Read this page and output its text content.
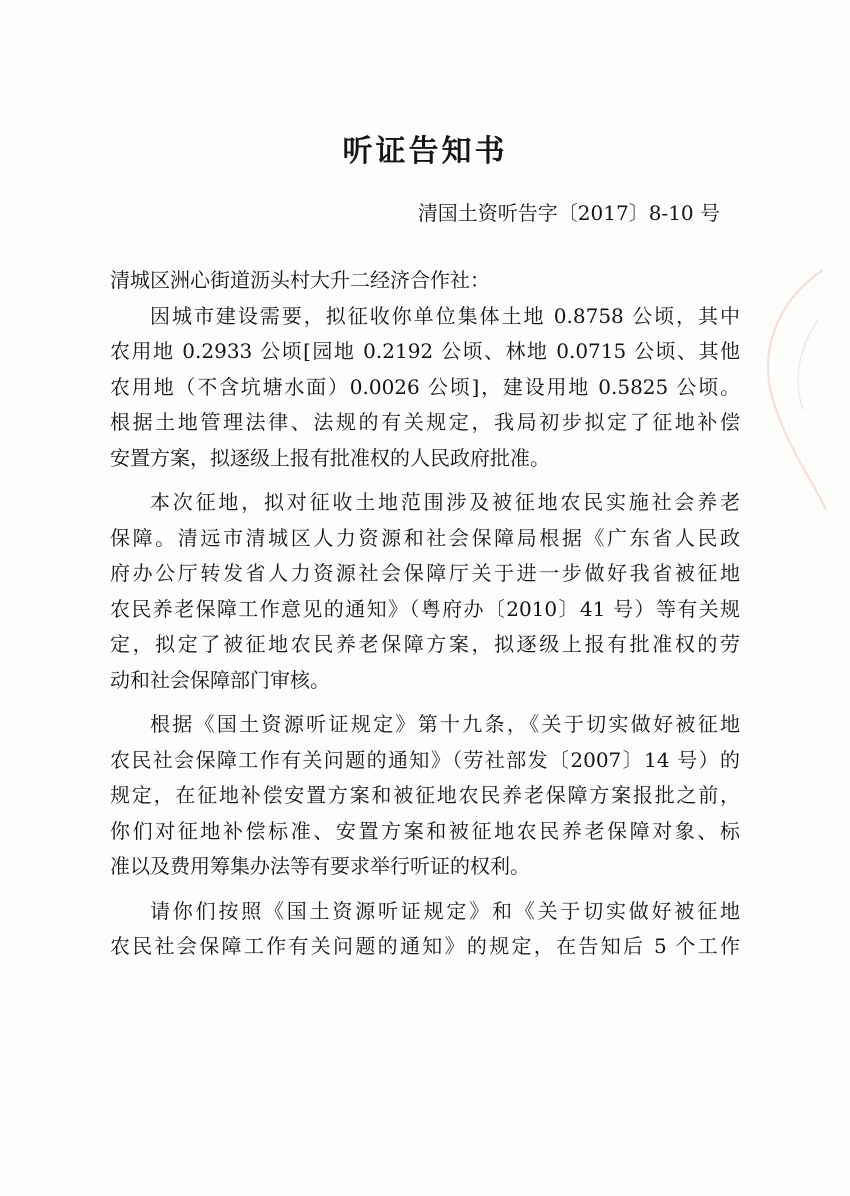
听证告知书
清国土资听告字〔2017〕8-10 号

清城区洲心街道沥头村大升二经济合作社：

因城市建设需要，拟征收你单位集体土地 0.8758 公顷，其中
农用地 0.2933 公顷[园地 0.2192 公顷、林地 0.0715 公顷、其他
农用地（不含坑塘水面）0.0026 公顷]，建设用地 0.5825 公顷。
根据土地管理法律、法规的有关规定，我局初步拟定了征地补偿
安置方案，拟逐级上报有批准权的人民政府批准。

本次征地，拟对征收土地范围涉及被征地农民实施社会养老
保障。清远市清城区人力资源和社会保障局根据《广东省人民政
府办公厅转发省人力资源社会保障厅关于进一步做好我省被征地
农民养老保障工作意见的通知》（粤府办〔2010〕41 号）等有关规
定，拟定了被征地农民养老保障方案，拟逐级上报有批准权的劳
动和社会保障部门审核。

根据《国土资源听证规定》第十九条，《关于切实做好被征地
农民社会保障工作有关问题的通知》（劳社部发〔2007〕14 号）的
规定，在征地补偿安置方案和被征地农民养老保障方案报批之前，
你们对征地补偿标准、安置方案和被征地农民养老保障对象、标
准以及费用筹集办法等有要求举行听证的权利。

请你们按照《国土资源听证规定》和《关于切实做好被征地
农民社会保障工作有关问题的通知》的规定，在告知后 5 个工作
